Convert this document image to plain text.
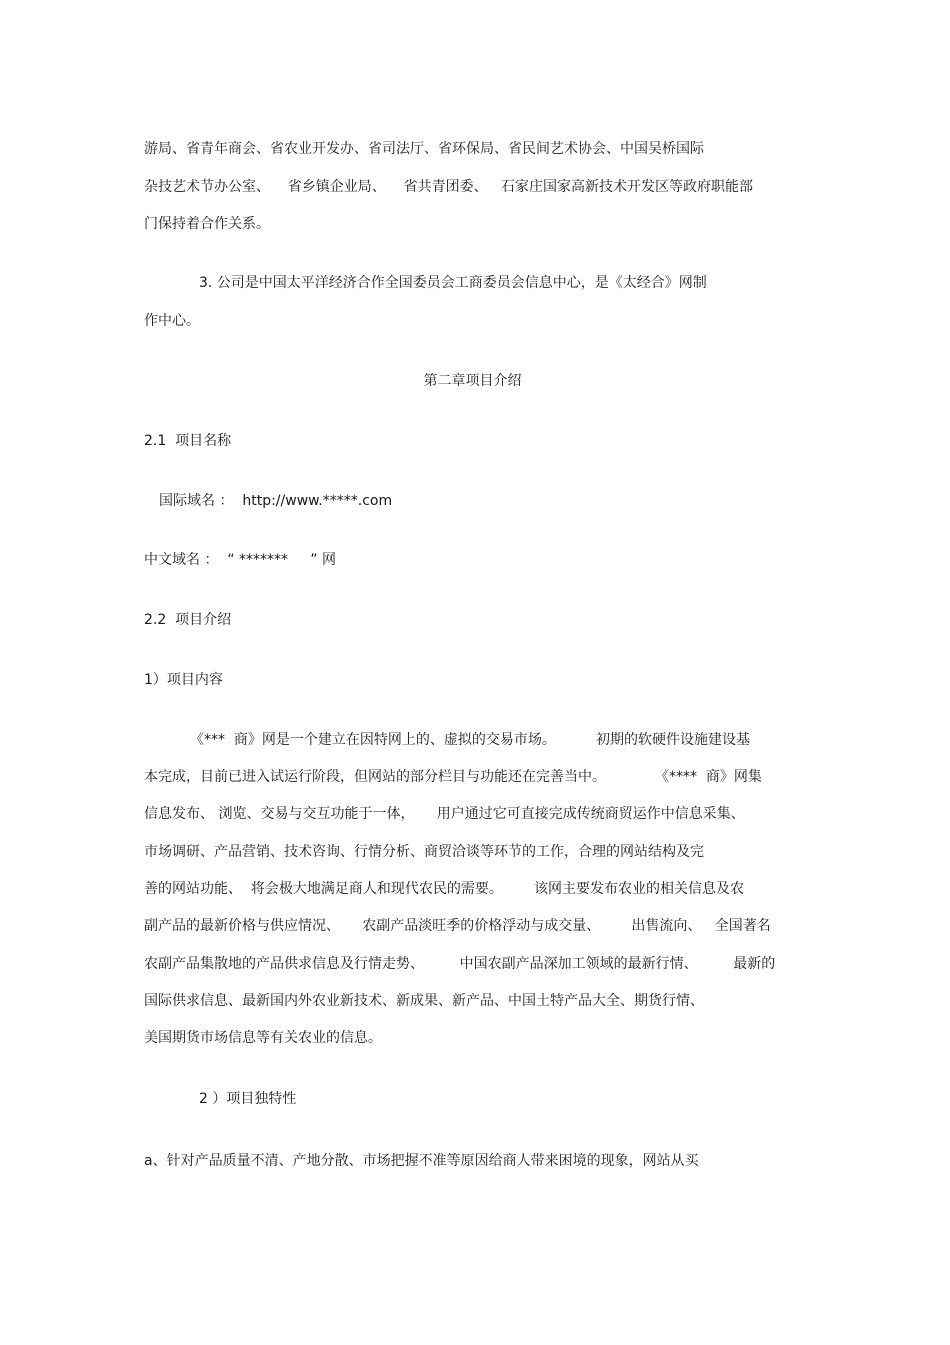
游局、省青年商会、省农业开发办、省司法厅、省环保局、省民间艺术协会、中国吴桥国际

杂技艺术节办公室、    省乡镇企业局、    省共青团委、   石家庄国家高新技术开发区等政府职能部

门保持着合作关系。

3. 公司是中国太平洋经济合作全国委员会工商委员会信息中心，是《太经合》网制

作中心。

第二章项目介绍

2.1  项目名称

国际域名 ：  http://www.*****.com

中文域名 ：  “ *******     ” 网

2.2  项目介绍

1）项目内容

《***  商》网是一个建立在因特网上的、虚拟的交易市场。         初期的软硬件设施建设基

本完成，目前已进入试运行阶段，但网站的部分栏目与功能还在完善当中。           《****  商》网集

信息发布、 浏览、交易与交互功能于一体，     用户通过它可直接完成传统商贸运作中信息采集、

市场调研、产品营销、技术咨询、行情分析、商贸洽谈等环节的工作，合理的网站结构及完

善的网站功能、  将会极大地满足商人和现代农民的需要。       该网主要发布农业的相关信息及农

副产品的最新价格与供应情况、     农副产品淡旺季的价格浮动与成交量、       出售流向、   全国著名

农副产品集散地的产品供求信息及行情走势、        中国农副产品深加工领域的最新行情、        最新的

国际供求信息、最新国内外农业新技术、新成果、新产品、中国土特产品大全、期货行情、

美国期货市场信息等有关农业的信息。

2 ）项目独特性

a、针对产品质量不清、产地分散、市场把握不准等原因给商人带来困境的现象，网站从买
